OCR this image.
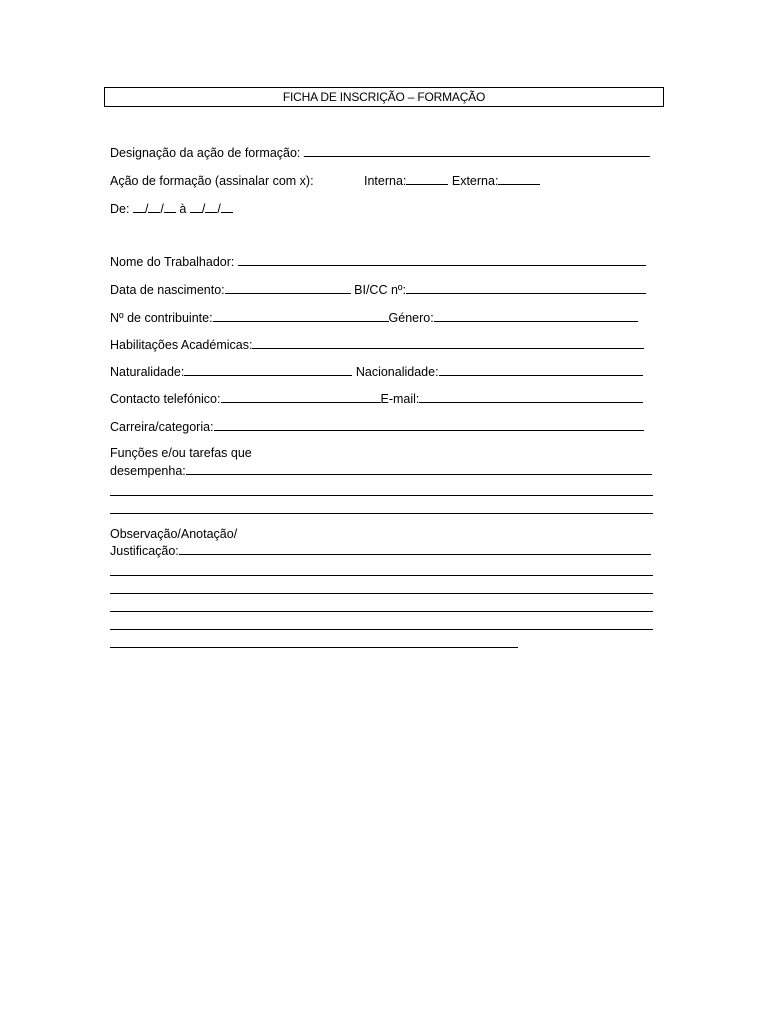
FICHA DE INSCRIÇÃO – FORMAÇÃO
Designação da ação de formação:
Ação de formação (assinalar com x):	Interna:	Externa:
De: / / à / /
Nome do Trabalhador:
Data de nascimento:	BI/CC nº:
Nº de contribuinte:	Género:
Habilitações Académicas:
Naturalidade:	Nacionalidade:
Contacto telefónico:	E-mail:
Carreira/categoria:
Funções e/ou tarefas que
desempenha:
Observação/Anotação/
Justificação:
